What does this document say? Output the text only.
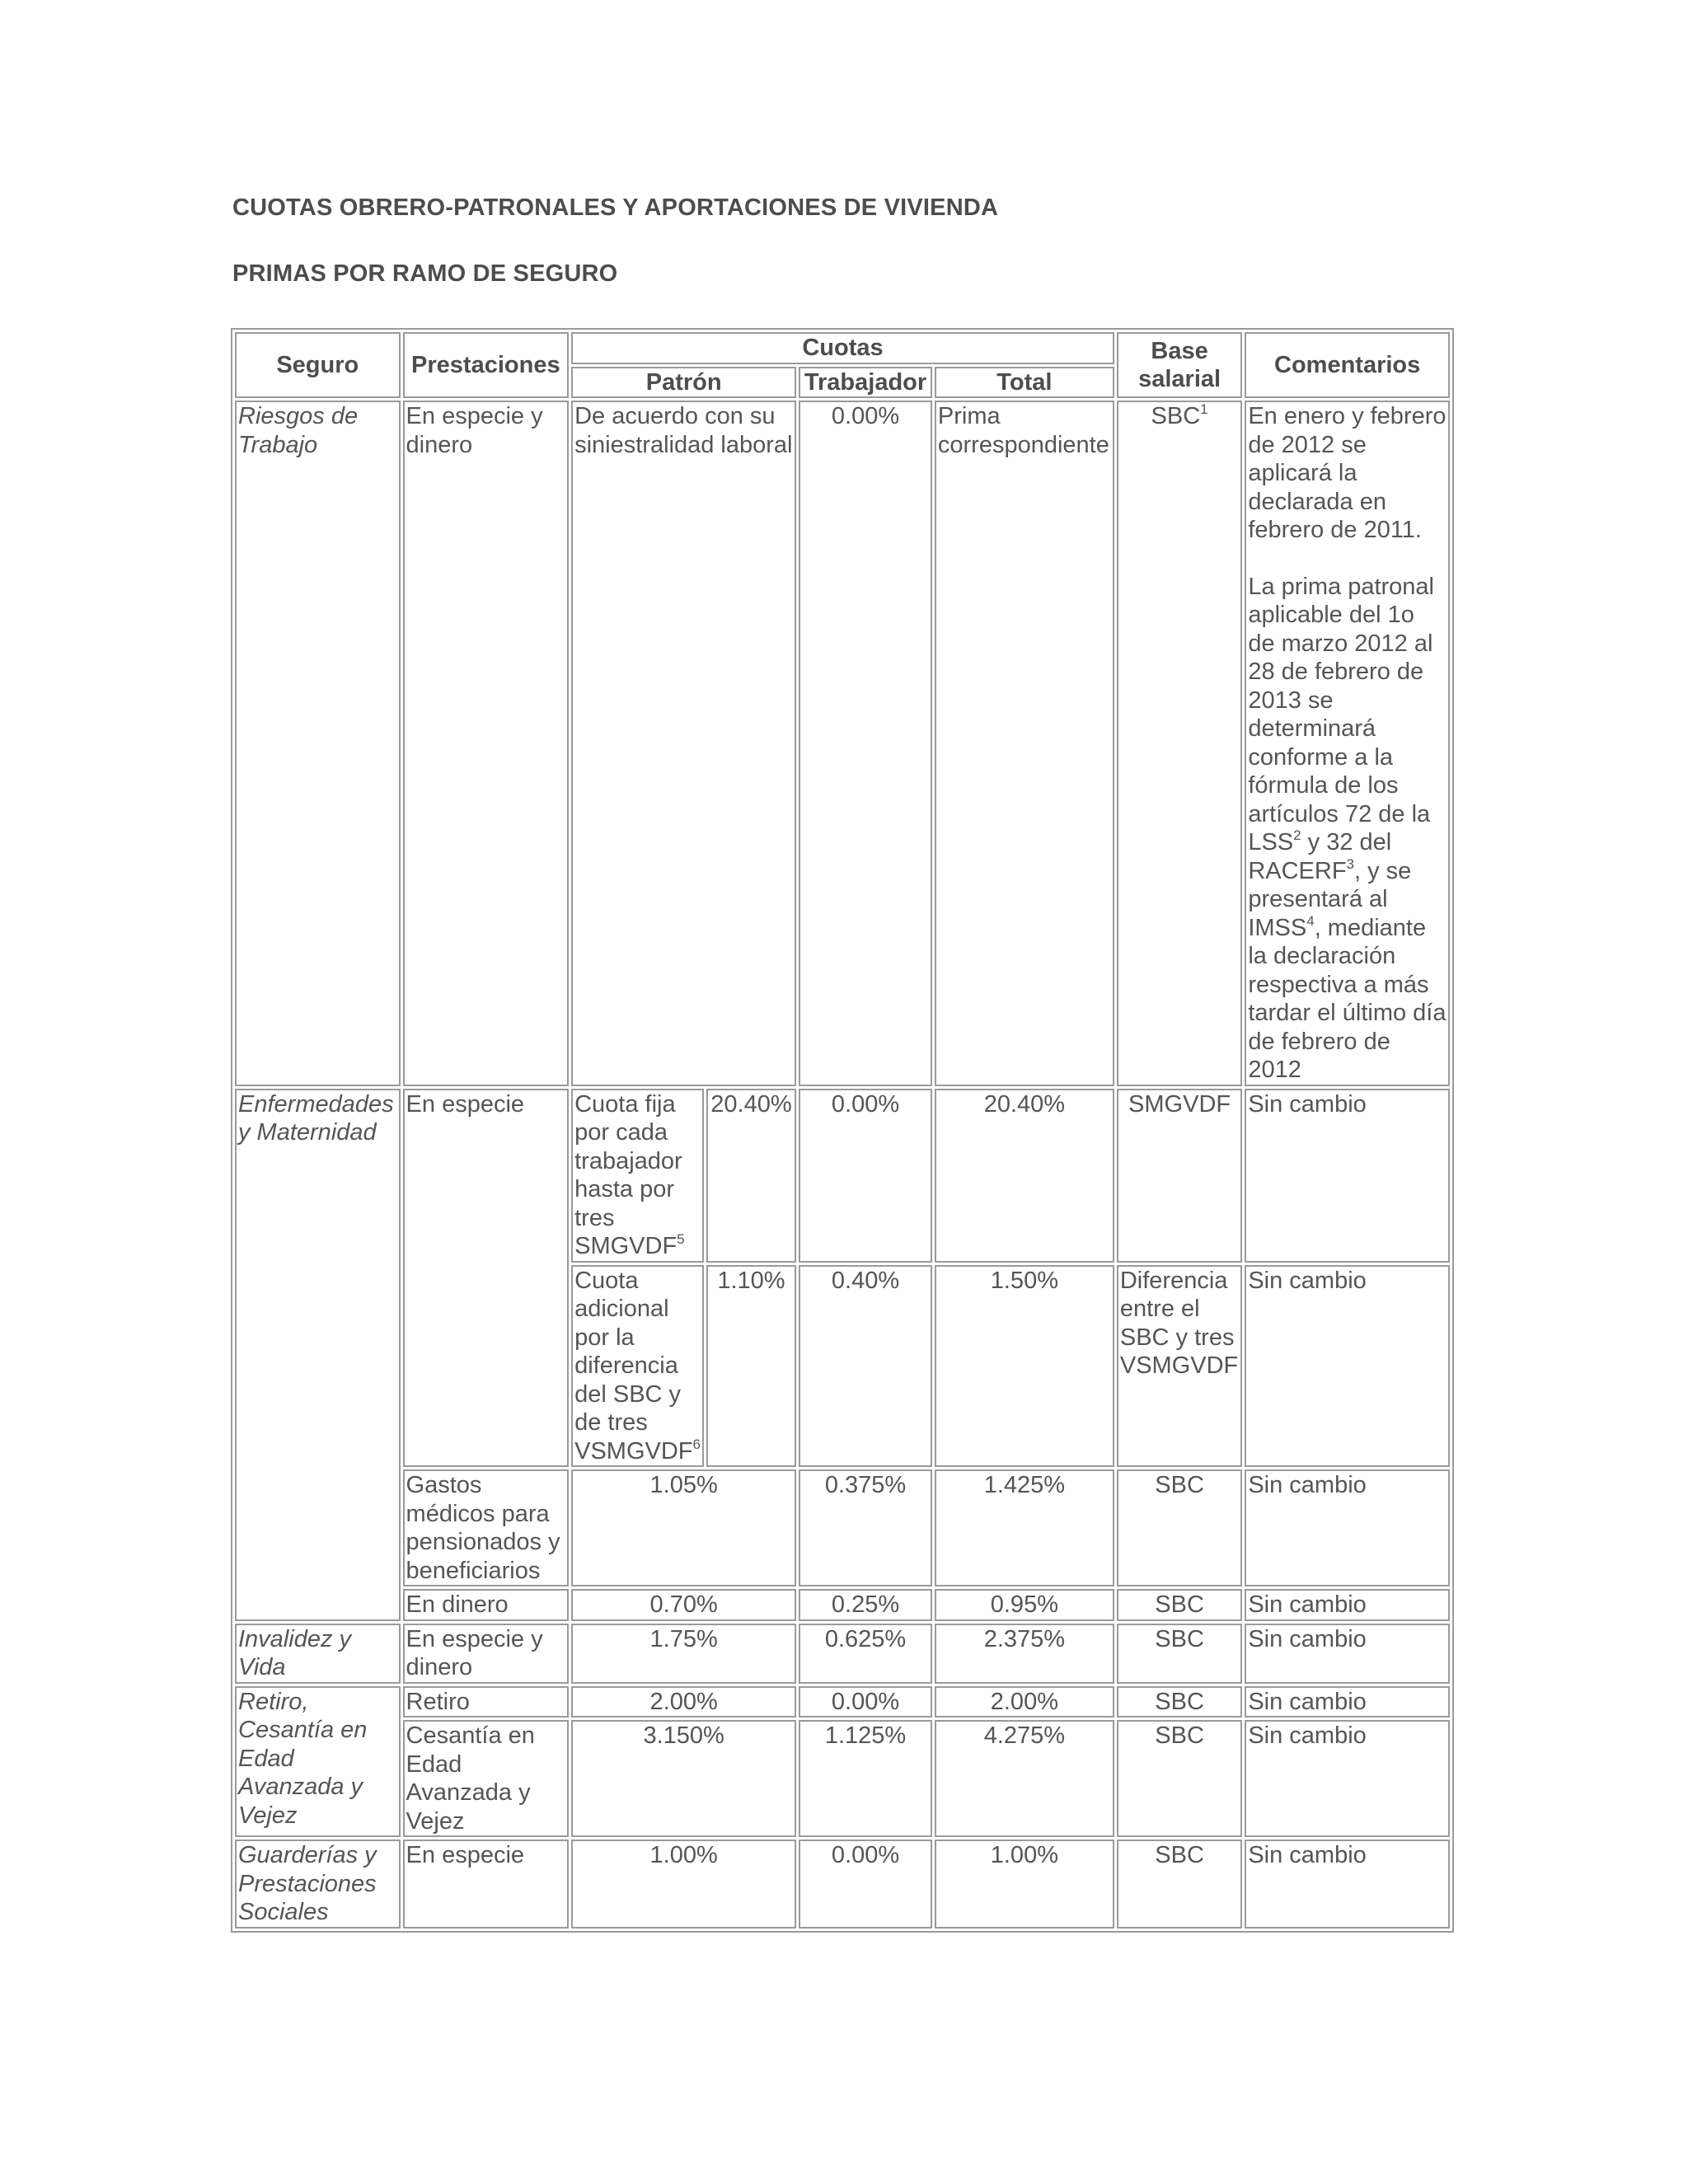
CUOTAS OBRERO-PATRONALES Y APORTACIONES DE VIVIENDA
PRIMAS POR RAMO DE SEGURO
Seguro	Prestaciones	Cuotas				Base salarial	Comentarios
		Patrón		Trabajador	Total		
Riesgos de Trabajo	En especie y dinero	De acuerdo con su siniestralidad laboral		0.00%	Prima correspondiente	SBC$^1$	En enero y febrero de 2012 se aplicará la declarada en febrero de 2011.
La prima patronal aplicable del 1o de marzo 2012 al 28 de febrero de 2013 se determinará conforme a la fórmula de los artículos 72 de la LSS$^2$ y 32 del RACERF$^3$, y se presentará al IMSS$^4$, mediante la declaración respectiva a más tardar el último día de febrero de 2012

Enfermedades y Maternidad	En especie	Cuota fija por cada trabajador hasta por tres SMGVDF$^5$	20.40%	0.00%	20.40%	SMGVDF	Sin cambio
		Cuota adicional por la diferencia del SBC y de tres VSMGVDF$^6$	1.10%	0.40%	1.50%	Diferencia entre el SBC y tres VSMGVDF	Sin cambio
	Gastos médicos para pensionados y beneficiarios	1.05%		0.375%	1.425%	SBC	Sin cambio
	En dinero	0.70%		0.25%	0.95%	SBC	Sin cambio
Invalidez y Vida	En especie y dinero	1.75%		0.625%	2.375%	SBC	Sin cambio
Retiro, Cesantía en Edad Avanzada y Vejez	Retiro	2.00%		0.00%	2.00%	SBC	Sin cambio
	Cesantía en Edad Avanzada y Vejez	3.150%		1.125%	4.275%	SBC	Sin cambio
Guarderías y Prestaciones Sociales	En especie	1.00%		0.00%	1.00%	SBC	Sin cambio
